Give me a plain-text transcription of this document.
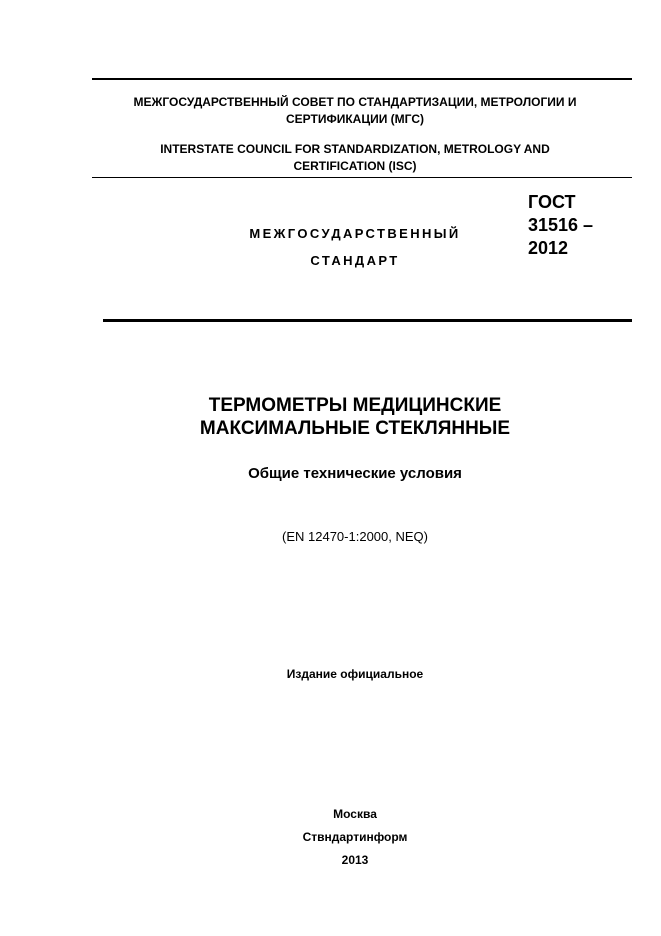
МЕЖГОСУДАРСТВЕННЫЙ СОВЕТ ПО СТАНДАРТИЗАЦИИ, МЕТРОЛОГИИ И
СЕРТИФИКАЦИИ (МГС)
INTERSTATE COUNCIL FOR STANDARDIZATION, METROLOGY AND
CERTIFICATION (ISC)
МЕЖГОСУДАРСТВЕННЫЙ
СТАНДАРТ
ГОСТ
31516 –
2012
ТЕРМОМЕТРЫ МЕДИЦИНСКИЕ
МАКСИМАЛЬНЫЕ СТЕКЛЯННЫЕ
Общие технические условия
(EN 12470-1:2000, NEQ)
Издание официальное
Москва
Ствндартинформ
2013
